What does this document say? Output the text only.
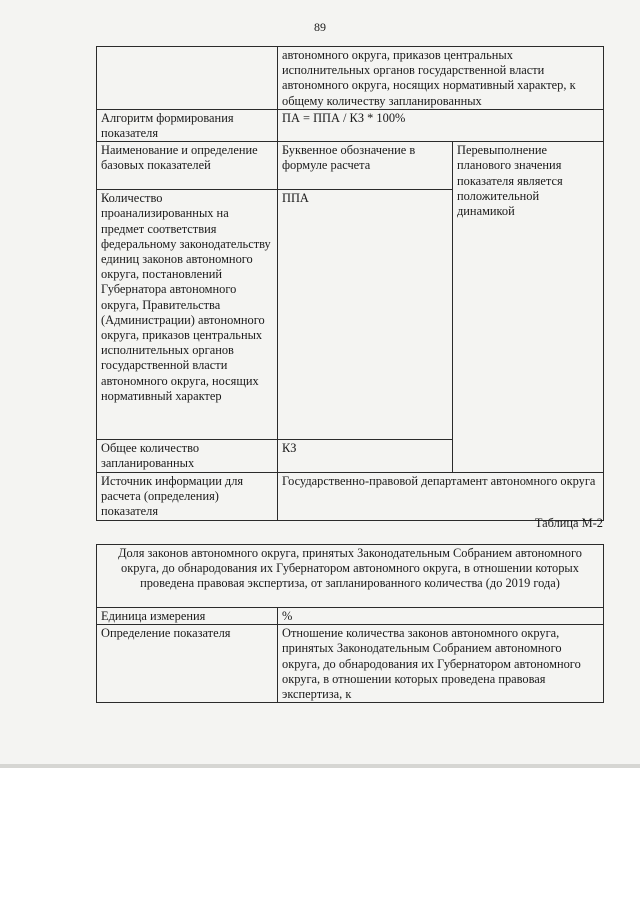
89
	автономного округа, приказов центральных исполнительных органов государственной власти автономного округа, носящих нормативный характер, к общему количеству запланированных	
Алгоритм формирования показателя	ПА = ППА / КЗ * 100%	
Наименование и определение базовых показателей	Буквенное обозначение в формуле расчета	Перевыполнение планового значения показателя является положительной динамикой
Количество проанализированных на предмет соответствия федеральному законодательству единиц законов автономного округа, постановлений Губернатора автономного округа, Правительства (Администрации) автономного округа, приказов центральных исполнительных органов государственной власти автономного округа, носящих нормативный характер	ППА	
Общее количество запланированных	КЗ	
Источник информации для расчета (определения) показателя	Государственно-правовой департамент автономного округа	
Таблица М-2
Доля законов автономного округа, принятых Законодательным Собранием автономного округа, до обнародования их Губернатором автономного округа, в отношении которых проведена правовая экспертиза, от запланированного количества (до 2019 года)	
Единица измерения	%
Определение показателя	Отношение количества законов автономного округа, принятых Законодательным Собранием автономного округа, до обнародования их Губернатором автономного округа, в отношении которых проведена правовая экспертиза, к
